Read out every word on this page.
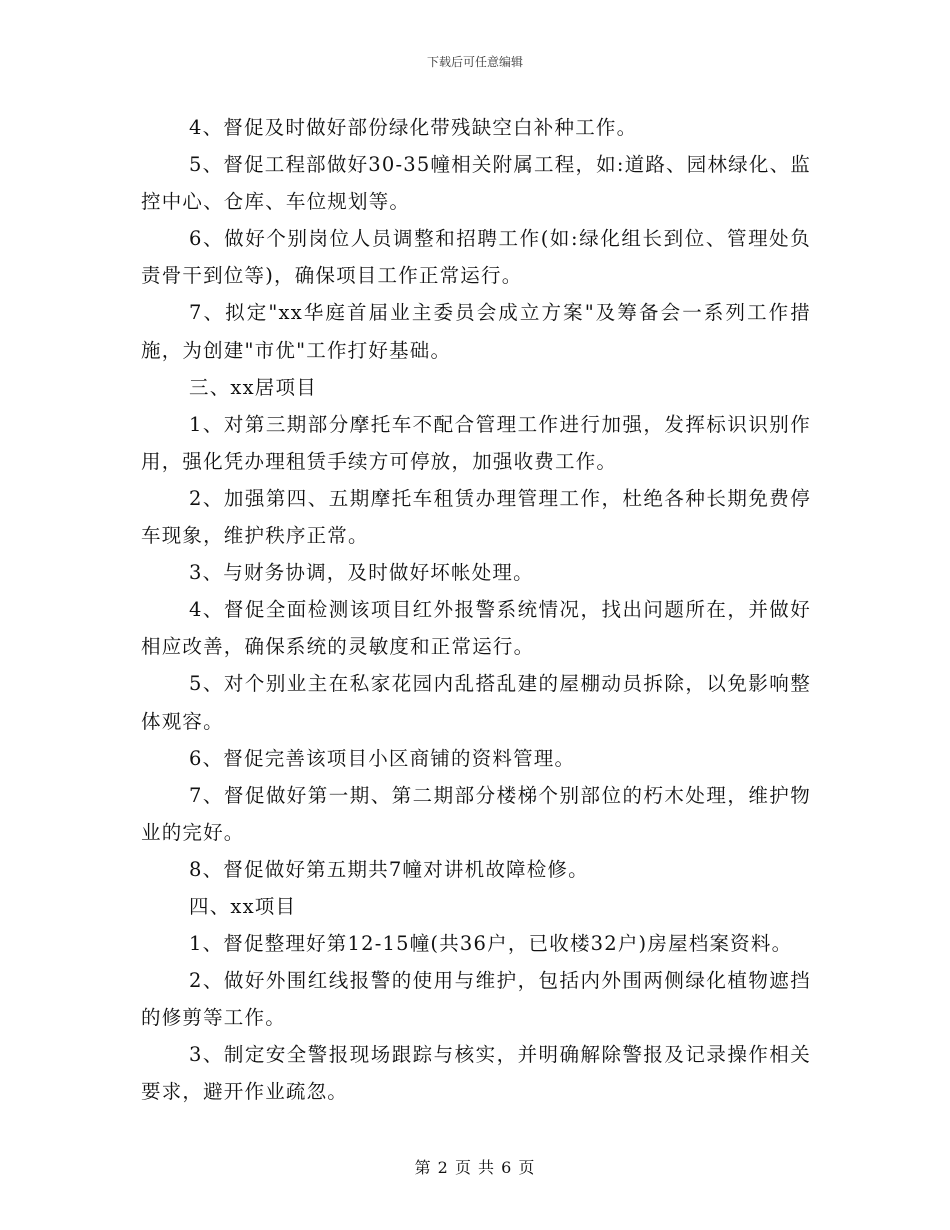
下载后可任意编辑

4、督促及时做好部份绿化带残缺空白补种工作。

5、督促工程部做好30-35幢相关附属工程，如:道路、园林绿化、监控中心、仓库、车位规划等。

6、做好个别岗位人员调整和招聘工作(如:绿化组长到位、管理处负责骨干到位等)，确保项目工作正常运行。

7、拟定"xx华庭首届业主委员会成立方案"及筹备会一系列工作措施，为创建"市优"工作打好基础。

三、xx居项目

1、对第三期部分摩托车不配合管理工作进行加强，发挥标识识别作用，强化凭办理租赁手续方可停放，加强收费工作。

2、加强第四、五期摩托车租赁办理管理工作，杜绝各种长期免费停车现象，维护秩序正常。

3、与财务协调，及时做好坏帐处理。

4、督促全面检测该项目红外报警系统情况，找出问题所在，并做好相应改善，确保系统的灵敏度和正常运行。

5、对个别业主在私家花园内乱搭乱建的屋棚动员拆除，以免影响整体观容。

6、督促完善该项目小区商铺的资料管理。

7、督促做好第一期、第二期部分楼梯个别部位的朽木处理，维护物业的完好。

8、督促做好第五期共7幢对讲机故障检修。

四、xx项目

1、督促整理好第12-15幢(共36户，已收楼32户)房屋档案资料。

2、做好外围红线报警的使用与维护，包括内外围两侧绿化植物遮挡的修剪等工作。

3、制定安全警报现场跟踪与核实，并明确解除警报及记录操作相关要求，避开作业疏忽。

第 2 页 共 6 页
